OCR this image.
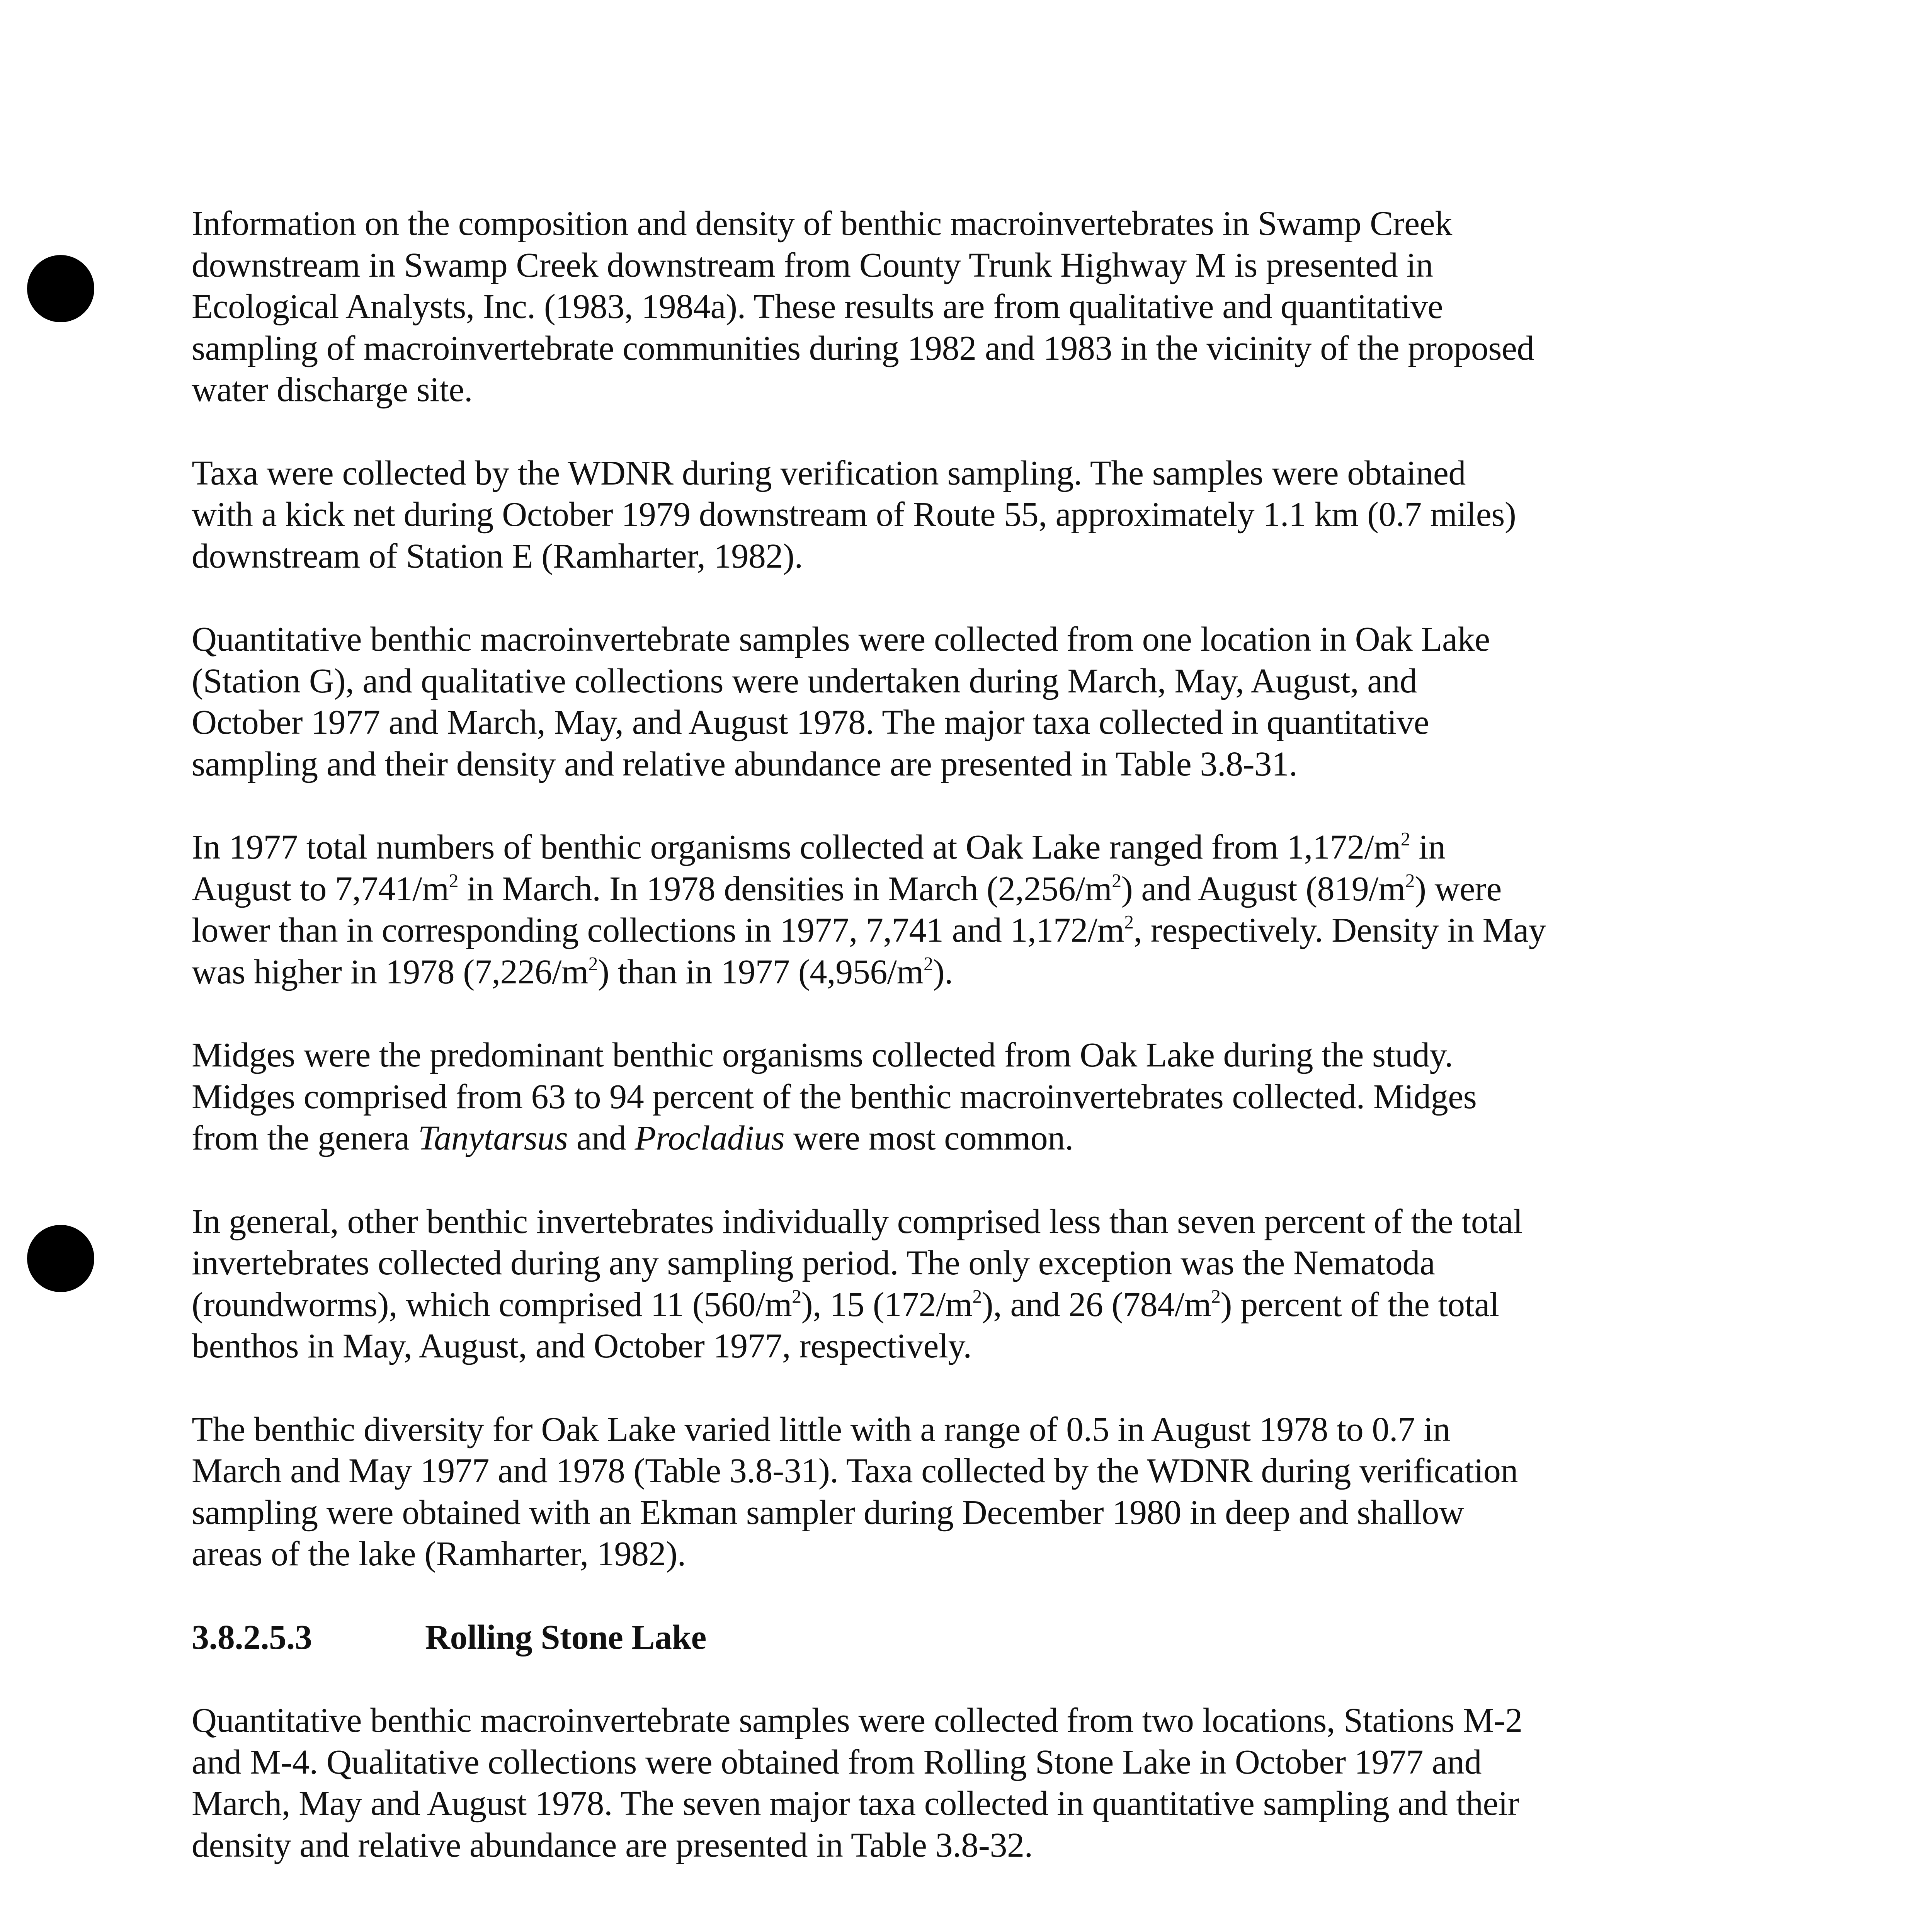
Information on the composition and density of benthic macroinvertebrates in Swamp Creek
downstream in Swamp Creek downstream from County Trunk Highway M is presented in
Ecological Analysts, Inc. (1983, 1984a). These results are from qualitative and quantitative
sampling of macroinvertebrate communities during 1982 and 1983 in the vicinity of the proposed
water discharge site.

Taxa were collected by the WDNR during verification sampling. The samples were obtained
with a kick net during October 1979 downstream of Route 55, approximately 1.1 km (0.7 miles)
downstream of Station E (Ramharter, 1982).

Quantitative benthic macroinvertebrate samples were collected from one location in Oak Lake
(Station G), and qualitative collections were undertaken during March, May, August, and
October 1977 and March, May, and August 1978. The major taxa collected in quantitative
sampling and their density and relative abundance are presented in Table 3.8-31.

In 1977 total numbers of benthic organisms collected at Oak Lake ranged from $1,172/m^2$ in
August to $7,741/m^2$ in March. In 1978 densities in March $(2,256/m^2)$ and August $(819/m^2)$ were
lower than in corresponding collections in 1977, 7,741 and $1,172/m^2$, respectively. Density in May
was higher in 1978 $(7,226/m^2)$ than in 1977 $(4,956/m^2)$.

Midges were the predominant benthic organisms collected from Oak Lake during the study.
Midges comprised from 63 to 94 percent of the benthic macroinvertebrates collected. Midges
from the genera Tanytarsus and Procladius were most common.

In general, other benthic invertebrates individually comprised less than seven percent of the total
invertebrates collected during any sampling period. The only exception was the Nematoda
(roundworms), which comprised 11 $(560/m^2)$, 15 $(172/m^2)$, and 26 $(784/m^2)$ percent of the total
benthos in May, August, and October 1977, respectively.

The benthic diversity for Oak Lake varied little with a range of 0.5 in August 1978 to 0.7 in
March and May 1977 and 1978 (Table 3.8-31). Taxa collected by the WDNR during verification
sampling were obtained with an Ekman sampler during December 1980 in deep and shallow
areas of the lake (Ramharter, 1982).

3.8.2.5.3	Rolling Stone Lake

Quantitative benthic macroinvertebrate samples were collected from two locations, Stations M-2
and M-4. Qualitative collections were obtained from Rolling Stone Lake in October 1977 and
March, May and August 1978. The seven major taxa collected in quantitative sampling and their
density and relative abundance are presented in Table 3.8-32.
